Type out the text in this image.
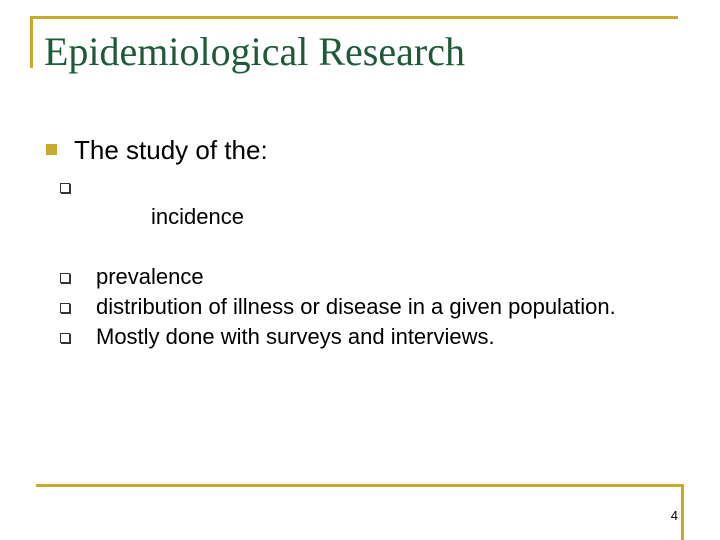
Epidemiological Research
The study of the:

incidence

prevalence
distribution of illness or disease in a given population.
Mostly done with surveys and interviews.
4
